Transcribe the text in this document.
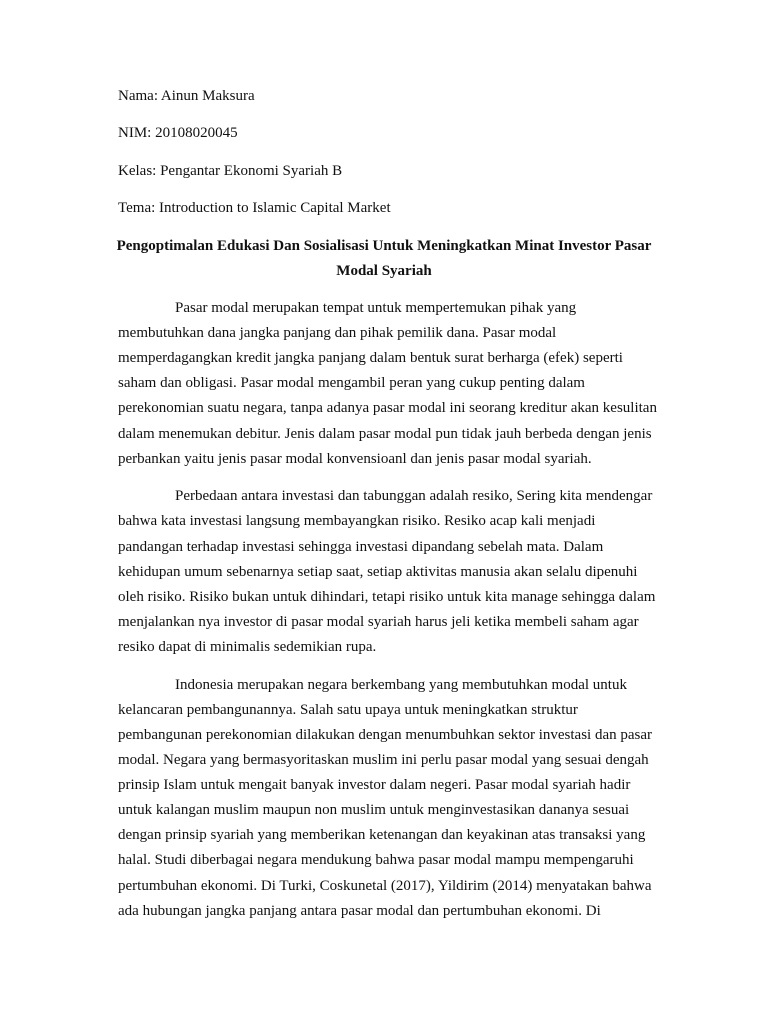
Nama: Ainun Maksura
NIM: 20108020045
Kelas: Pengantar Ekonomi Syariah B
Tema: Introduction to Islamic Capital Market
Pengoptimalan Edukasi Dan Sosialisasi Untuk Meningkatkan Minat Investor Pasar
Modal Syariah
Pasar modal merupakan tempat untuk mempertemukan pihak yang
membutuhkan dana jangka panjang dan pihak pemilik dana. Pasar modal
memperdagangkan kredit jangka panjang dalam bentuk surat berharga (efek) seperti
saham dan obligasi. Pasar modal mengambil peran yang cukup penting dalam
perekonomian suatu negara, tanpa adanya pasar modal ini seorang kreditur akan kesulitan
dalam menemukan debitur. Jenis dalam pasar modal pun tidak jauh berbeda dengan jenis
perbankan yaitu jenis pasar modal konvensioanl dan jenis pasar modal syariah.
Perbedaan antara investasi dan tabunggan adalah resiko, Sering kita mendengar
bahwa kata investasi langsung membayangkan risiko. Resiko acap kali menjadi
pandangan terhadap investasi sehingga investasi dipandang sebelah mata. Dalam
kehidupan umum sebenarnya setiap saat, setiap aktivitas manusia akan selalu dipenuhi
oleh risiko. Risiko bukan untuk dihindari, tetapi risiko untuk kita manage sehingga dalam
menjalankan nya investor di pasar modal syariah harus jeli ketika membeli saham agar
resiko dapat di minimalis sedemikian rupa.
Indonesia merupakan negara berkembang yang membutuhkan modal untuk
kelancaran pembangunannya. Salah satu upaya untuk meningkatkan struktur
pembangunan perekonomian dilakukan dengan menumbuhkan sektor investasi dan pasar
modal. Negara yang bermasyoritaskan muslim ini perlu pasar modal yang sesuai dengah
prinsip Islam untuk mengait banyak investor dalam negeri. Pasar modal syariah hadir
untuk kalangan muslim maupun non muslim untuk menginvestasikan dananya sesuai
dengan prinsip syariah yang memberikan ketenangan dan keyakinan atas transaksi yang
halal. Studi diberbagai negara mendukung bahwa pasar modal mampu mempengaruhi
pertumbuhan ekonomi. Di Turki, Coskunetal (2017), Yildirim (2014) menyatakan bahwa
ada hubungan jangka panjang antara pasar modal dan pertumbuhan ekonomi. Di
